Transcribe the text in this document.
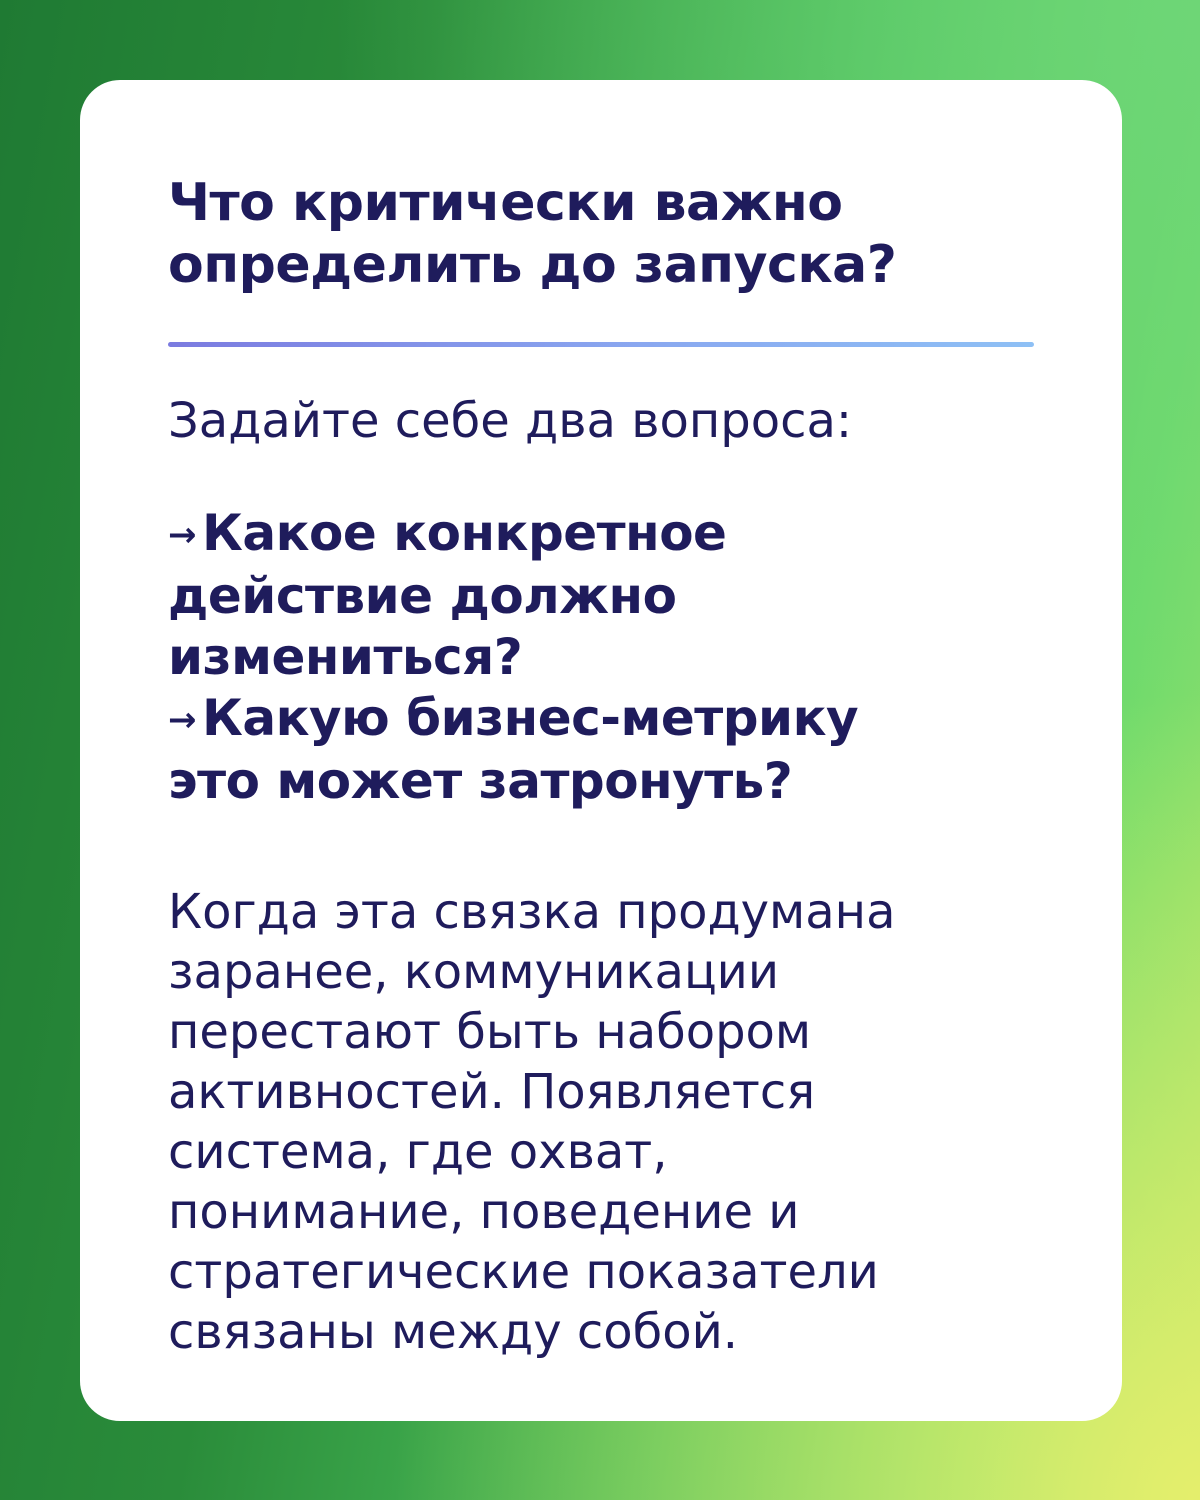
Что критически важно
определить до запуска?
Задайте себе два вопроса:
→ Какое конкретное
действие должно
измениться?
→ Какую бизнес-метрику
это может затронуть?
Когда эта связка продумана
заранее, коммуникации
перестают быть набором
активностей. Появляется
система, где охват,
понимание, поведение и
стратегические показатели
связаны между собой.
